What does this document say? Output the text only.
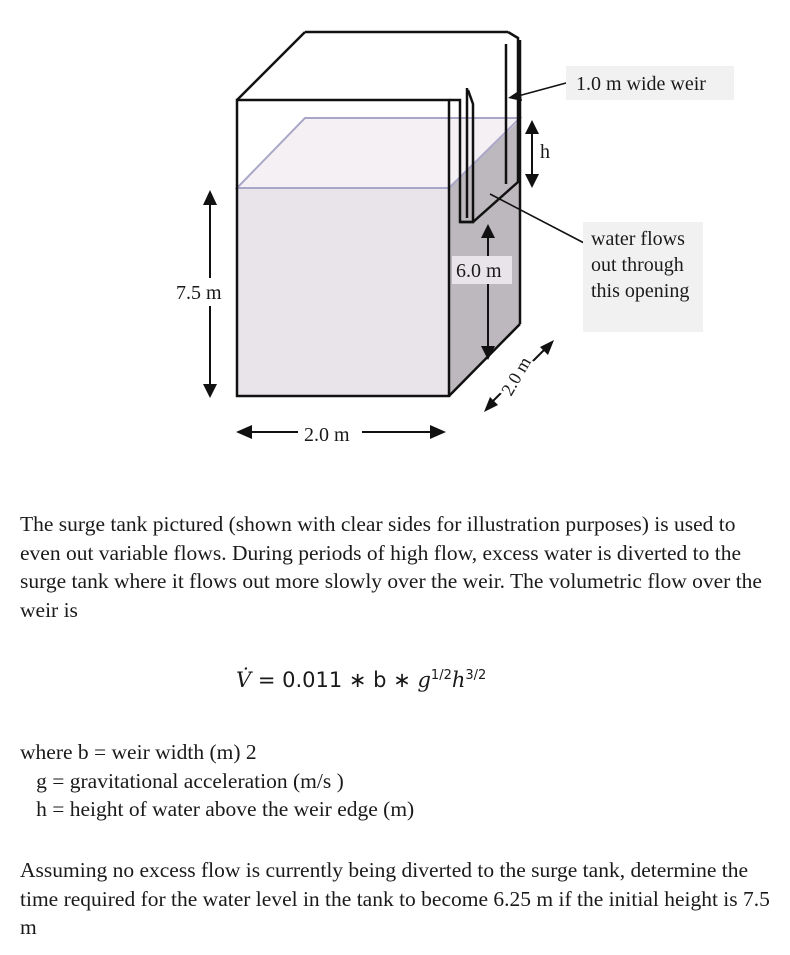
7.5 m
6.0 m
2.0 m
2.0 m
h
1.0 m wide weir
water flows
out through
this opening

The surge tank pictured (shown with clear sides for illustration purposes) is used to even out variable flows. During periods of high flow, excess water is diverted to the surge tank where it flows out more slowly over the weir. The volumetric flow over the weir is

V̇ = 0.011 ∗ b ∗ $g^{1/2}h^{3/2}$
where b = weir width (m) 2
g = gravitational acceleration (m/s )
h = height of water above the weir edge (m)

Assuming no excess flow is currently being diverted to the surge tank, determine the time required for the water level in the tank to become 6.25 m if the initial height is 7.5 m
